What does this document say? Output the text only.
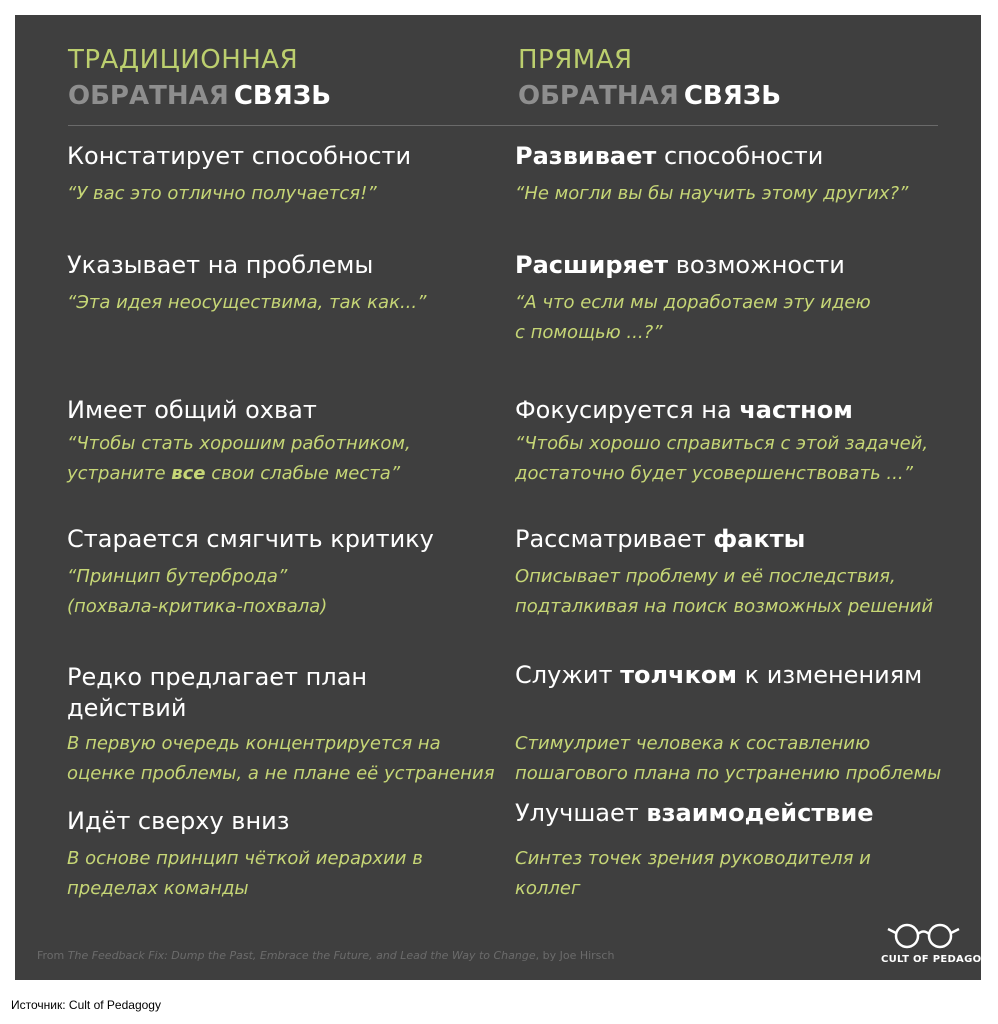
ТРАДИЦИОННАЯ
ОБРАТНАЯ СВЯЗЬ
ПРЯМАЯ
ОБРАТНАЯ СВЯЗЬ
Констатирует способности
“У вас это отлично получается!”
Указывает на проблемы
“Эта идея неосуществима, так как...”
Имеет общий охват
“Чтобы стать хорошим работником,
устраните все свои слабые места”
Старается смягчить критику
“Принцип бутерброда”
(похвала-критика-похвала)
Редко предлагает план
действий
В первую очередь концентрируется на
оценке проблемы, а не плане её устранения
Идёт сверху вниз
В основе принцип чёткой иерархии в
пределах команды
Развивает способности
“Не могли вы бы научить этому других?”
Расширяет возможности
“А что если мы доработаем эту идею
с помощью ...?”
Фокусируется на частном
“Чтобы хорошо справиться с этой задачей,
достаточно будет усовершенствовать ...”
Рассматривает факты
Описывает проблему и её последствия,
подталкивая на поиск возможных решений
Служит толчком к изменениям
Стимулриет человека к составлению
пошагового плана по устранению проблемы
Улучшает взаимодействие
Синтез точек зрения руководителя и
коллег
From The Feedback Fix: Dump the Past, Embrace the Future, and Lead the Way to Change, by Joe Hirsch	CULT OF PEDAGOGY
Источник: Cult of Pedagogy
